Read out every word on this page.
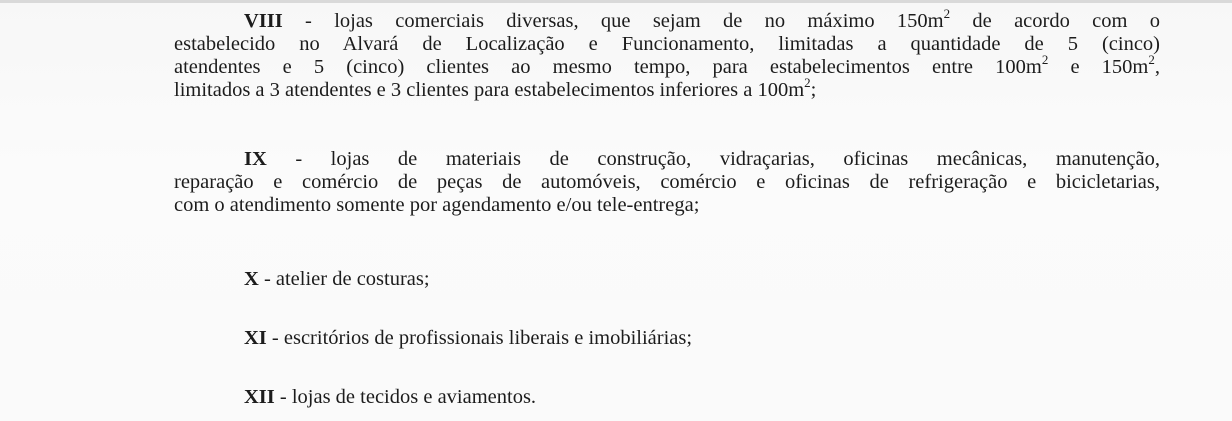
VIII - lojas comerciais diversas, que sejam de no máximo $150m^2$ de acordo com o
estabelecido no Alvará de Localização e Funcionamento, limitadas a quantidade de 5 (cinco)
atendentes e 5 (cinco) clientes ao mesmo tempo, para estabelecimentos entre $100m^2$ e $150m^2$,
limitados a 3 atendentes e 3 clientes para estabelecimentos inferiores a $100m^2$;
IX - lojas de materiais de construção, vidraçarias, oficinas mecânicas, manutenção,
reparação e comércio de peças de automóveis, comércio e oficinas de refrigeração e bicicletarias,
com o atendimento somente por agendamento e/ou tele-entrega;

X - atelier de costuras;

XI - escritórios de profissionais liberais e imobiliárias;

XII - lojas de tecidos e aviamentos.
